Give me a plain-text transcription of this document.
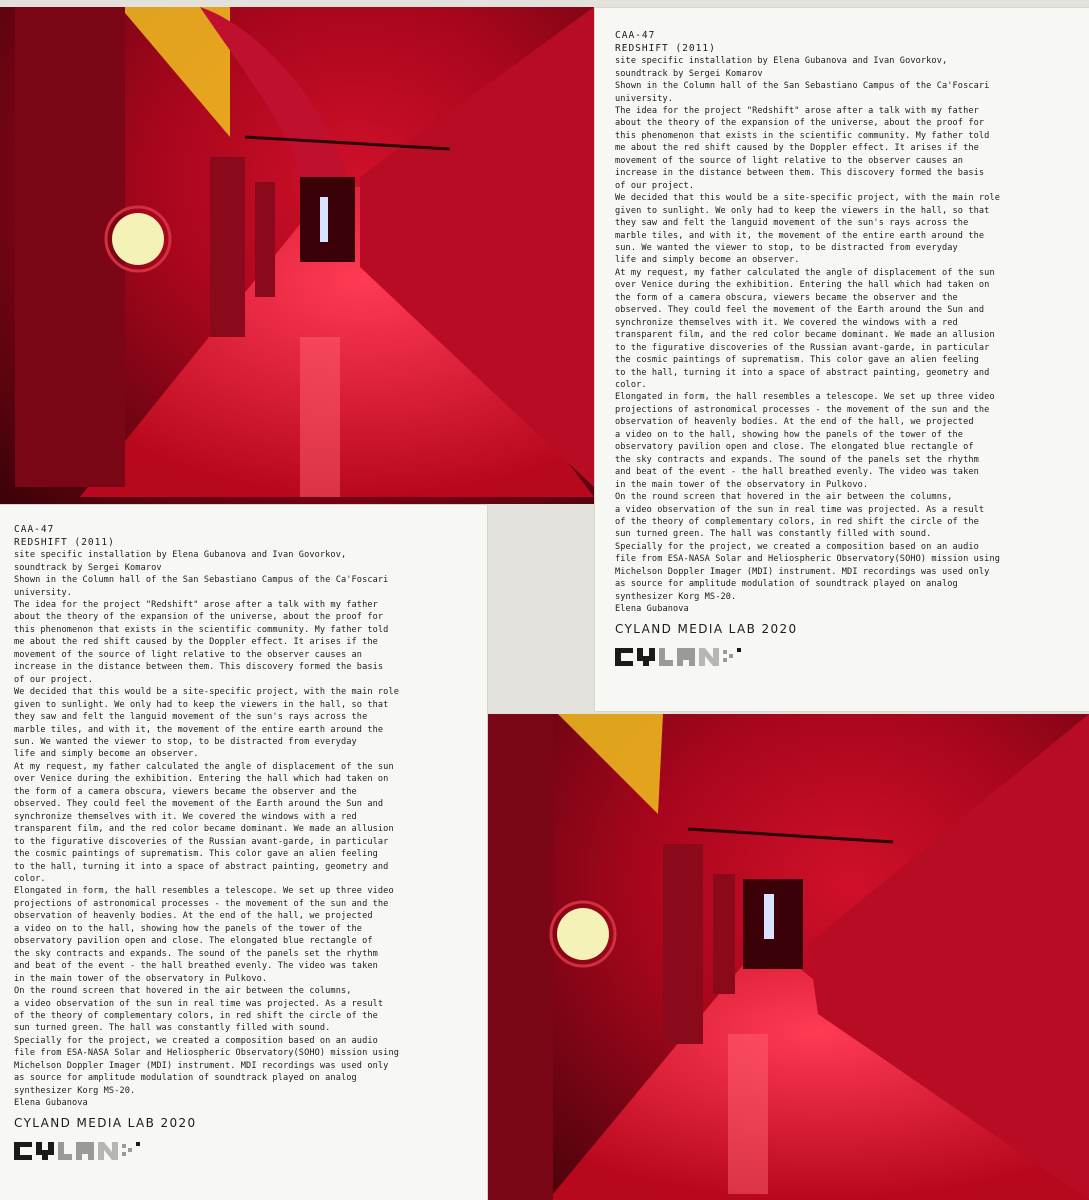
CAA-47
REDSHIFT (2011)

site specific installation by Elena Gubanova and Ivan Govorkov,
soundtrack by Sergei Komarov

Shown in the Column hall of the San Sebastiano Campus of the Ca'Foscari
university.

The idea for the project "Redshift" arose after a talk with my father
about the theory of the expansion of the universe, about the proof for
this phenomenon that exists in the scientific community. My father told
me about the red shift caused by the Doppler effect. It arises if the
movement of the source of light relative to the observer causes an
increase in the distance between them. This discovery formed the basis
of our project.

We decided that this would be a site-specific project, with the main role
given to sunlight. We only had to keep the viewers in the hall, so that
they saw and felt the languid movement of the sun's rays across the
marble tiles, and with it, the movement of the entire earth around the
sun. We wanted the viewer to stop, to be distracted from everyday
life and simply become an observer.

At my request, my father calculated the angle of displacement of the sun
over Venice during the exhibition. Entering the hall which had taken on
the form of a camera obscura, viewers became the observer and the
observed. They could feel the movement of the Earth around the Sun and
synchronize themselves with it. We covered the windows with a red
transparent film, and the red color became dominant. We made an allusion
to the figurative discoveries of the Russian avant-garde, in particular
the cosmic paintings of suprematism. This color gave an alien feeling
to the hall, turning it into a space of abstract painting, geometry and
color.

Elongated in form, the hall resembles a telescope. We set up three video
projections of astronomical processes - the movement of the sun and the
observation of heavenly bodies. At the end of the hall, we projected
a video on to the hall, showing how the panels of the tower of the
observatory pavilion open and close. The elongated blue rectangle of
the sky contracts and expands. The sound of the panels set the rhythm
and beat of the event - the hall breathed evenly. The video was taken
in the main tower of the observatory in Pulkovo.

On the round screen that hovered in the air between the columns,
a video observation of the sun in real time was projected. As a result
of the theory of complementary colors, in red shift the circle of the
sun turned green. The hall was constantly filled with sound.

Specially for the project, we created a composition based on an audio
file from ESA-NASA Solar and Heliospheric Observatory(SOHO) mission using
Michelson Doppler Imager (MDI) instrument. MDI recordings was used only
as source for amplitude modulation of soundtrack played on analog
synthesizer Korg MS-20.

Elena Gubanova

CYLAND MEDIA LAB 2020
CAA-47
REDSHIFT (2011)

site specific installation by Elena Gubanova and Ivan Govorkov,
soundtrack by Sergei Komarov

Shown in the Column hall of the San Sebastiano Campus of the Ca'Foscari
university.

The idea for the project "Redshift" arose after a talk with my father
about the theory of the expansion of the universe, about the proof for
this phenomenon that exists in the scientific community. My father told
me about the red shift caused by the Doppler effect. It arises if the
movement of the source of light relative to the observer causes an
increase in the distance between them. This discovery formed the basis
of our project.

We decided that this would be a site-specific project, with the main role
given to sunlight. We only had to keep the viewers in the hall, so that
they saw and felt the languid movement of the sun's rays across the
marble tiles, and with it, the movement of the entire earth around the
sun. We wanted the viewer to stop, to be distracted from everyday
life and simply become an observer.

At my request, my father calculated the angle of displacement of the sun
over Venice during the exhibition. Entering the hall which had taken on
the form of a camera obscura, viewers became the observer and the
observed. They could feel the movement of the Earth around the Sun and
synchronize themselves with it. We covered the windows with a red
transparent film, and the red color became dominant. We made an allusion
to the figurative discoveries of the Russian avant-garde, in particular
the cosmic paintings of suprematism. This color gave an alien feeling
to the hall, turning it into a space of abstract painting, geometry and
color.

Elongated in form, the hall resembles a telescope. We set up three video
projections of astronomical processes - the movement of the sun and the
observation of heavenly bodies. At the end of the hall, we projected
a video on to the hall, showing how the panels of the tower of the
observatory pavilion open and close. The elongated blue rectangle of
the sky contracts and expands. The sound of the panels set the rhythm
and beat of the event - the hall breathed evenly. The video was taken
in the main tower of the observatory in Pulkovo.

On the round screen that hovered in the air between the columns,
a video observation of the sun in real time was projected. As a result
of the theory of complementary colors, in red shift the circle of the
sun turned green. The hall was constantly filled with sound.

Specially for the project, we created a composition based on an audio
file from ESA-NASA Solar and Heliospheric Observatory(SOHO) mission using
Michelson Doppler Imager (MDI) instrument. MDI recordings was used only
as source for amplitude modulation of soundtrack played on analog
synthesizer Korg MS-20.

Elena Gubanova

CYLAND MEDIA LAB 2020
